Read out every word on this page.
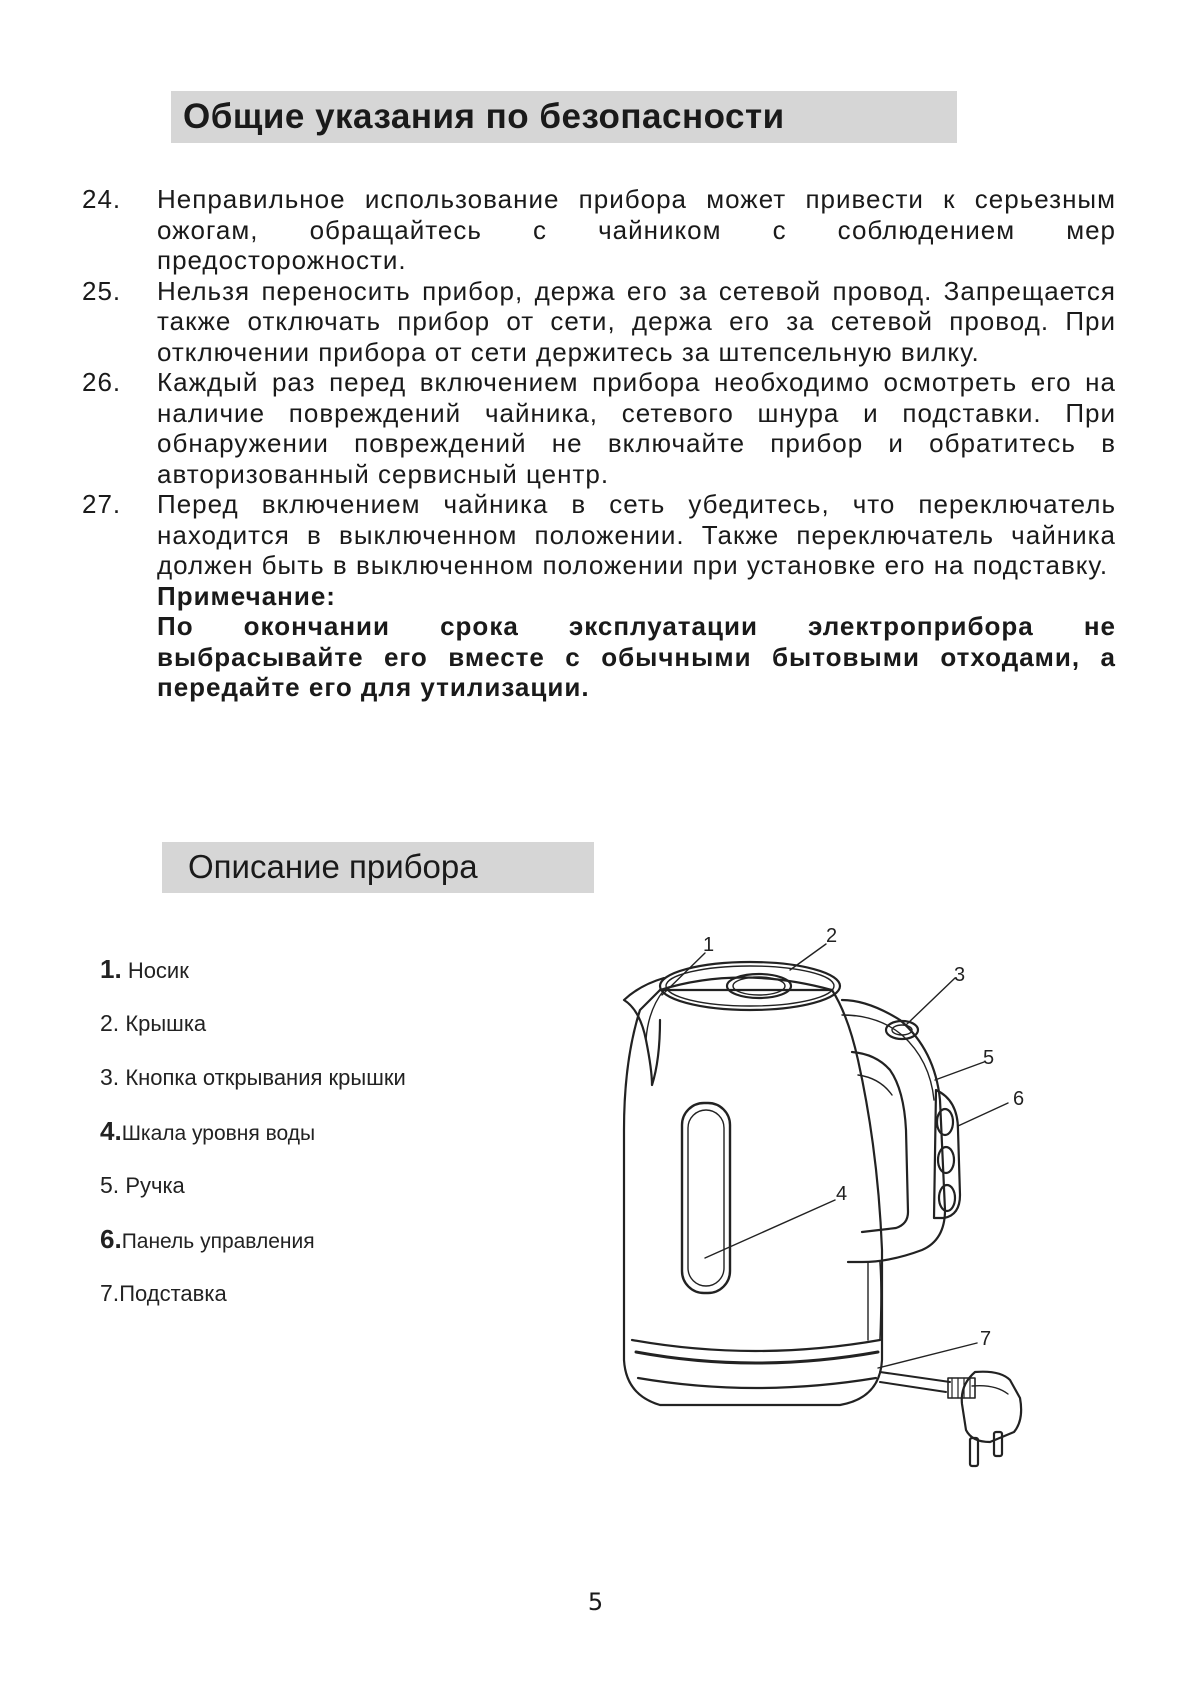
Общие указания по безопасности
24. Неправильное использование прибора может привести к серьезным ожогам, обращайтесь с чайником с соблюдением мер предосторожности.
25. Нельзя переносить прибор, держа его за сетевой провод. Запрещается также отключать прибор от сети, держа его за сетевой провод. При отключении прибора от сети держитесь за штепсельную вилку.
26. Каждый раз перед включением прибора необходимо осмотреть его на наличие повреждений чайника, сетевого шнура и подставки. При обнаружении повреждений не включайте прибор и обратитесь в авторизованный сервисный центр.
27. Перед включением чайника в сеть убедитесь, что переключатель находится в выключенном положении. Также переключатель чайника должен быть в выключенном положении при установке его на подставку.
Примечание:
По окончании срока эксплуатации электроприбора не выбрасывайте его вместе с обычными бытовыми отходами, а передайте его для утилизации.
Описание прибора
1. Носик
2. Крышка
3. Кнопка открывания крышки
4.Шкала уровня воды
5. Ручка
6.Панель управления
7.Подставка
1	2
3
5
6
4
7
5
